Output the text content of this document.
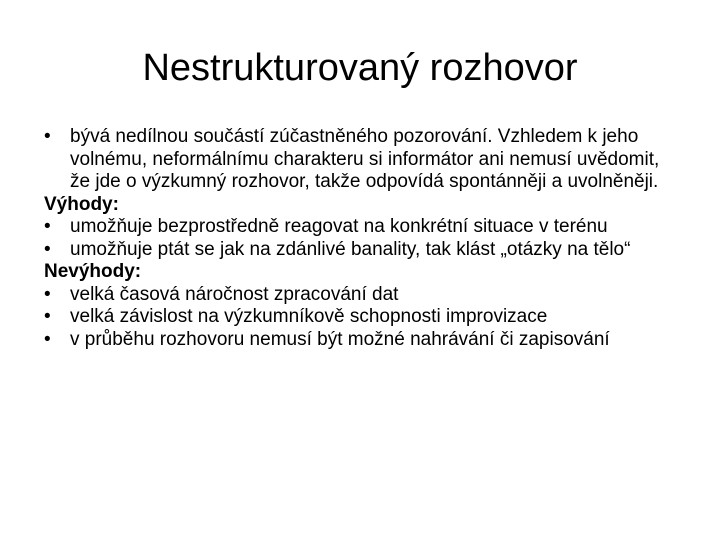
Nestrukturovaný rozhovor

• bývá nedílnou součástí zúčastněného pozorování. Vzhledem k jeho volnému, neformálnímu charakteru si informátor ani nemusí uvědomit, že jde o výzkumný rozhovor, takže odpovídá spontánněji a uvolněněji.

Výhody:

• umožňuje bezprostředně reagovat na konkrétní situace v terénu

• umožňuje ptát se jak na zdánlivé banality, tak klást „otázky na tělo“

Nevýhody:

• velká časová náročnost zpracování dat

• velká závislost na výzkumníkově schopnosti improvizace

• v průběhu rozhovoru nemusí být možné nahrávání či zapisování
